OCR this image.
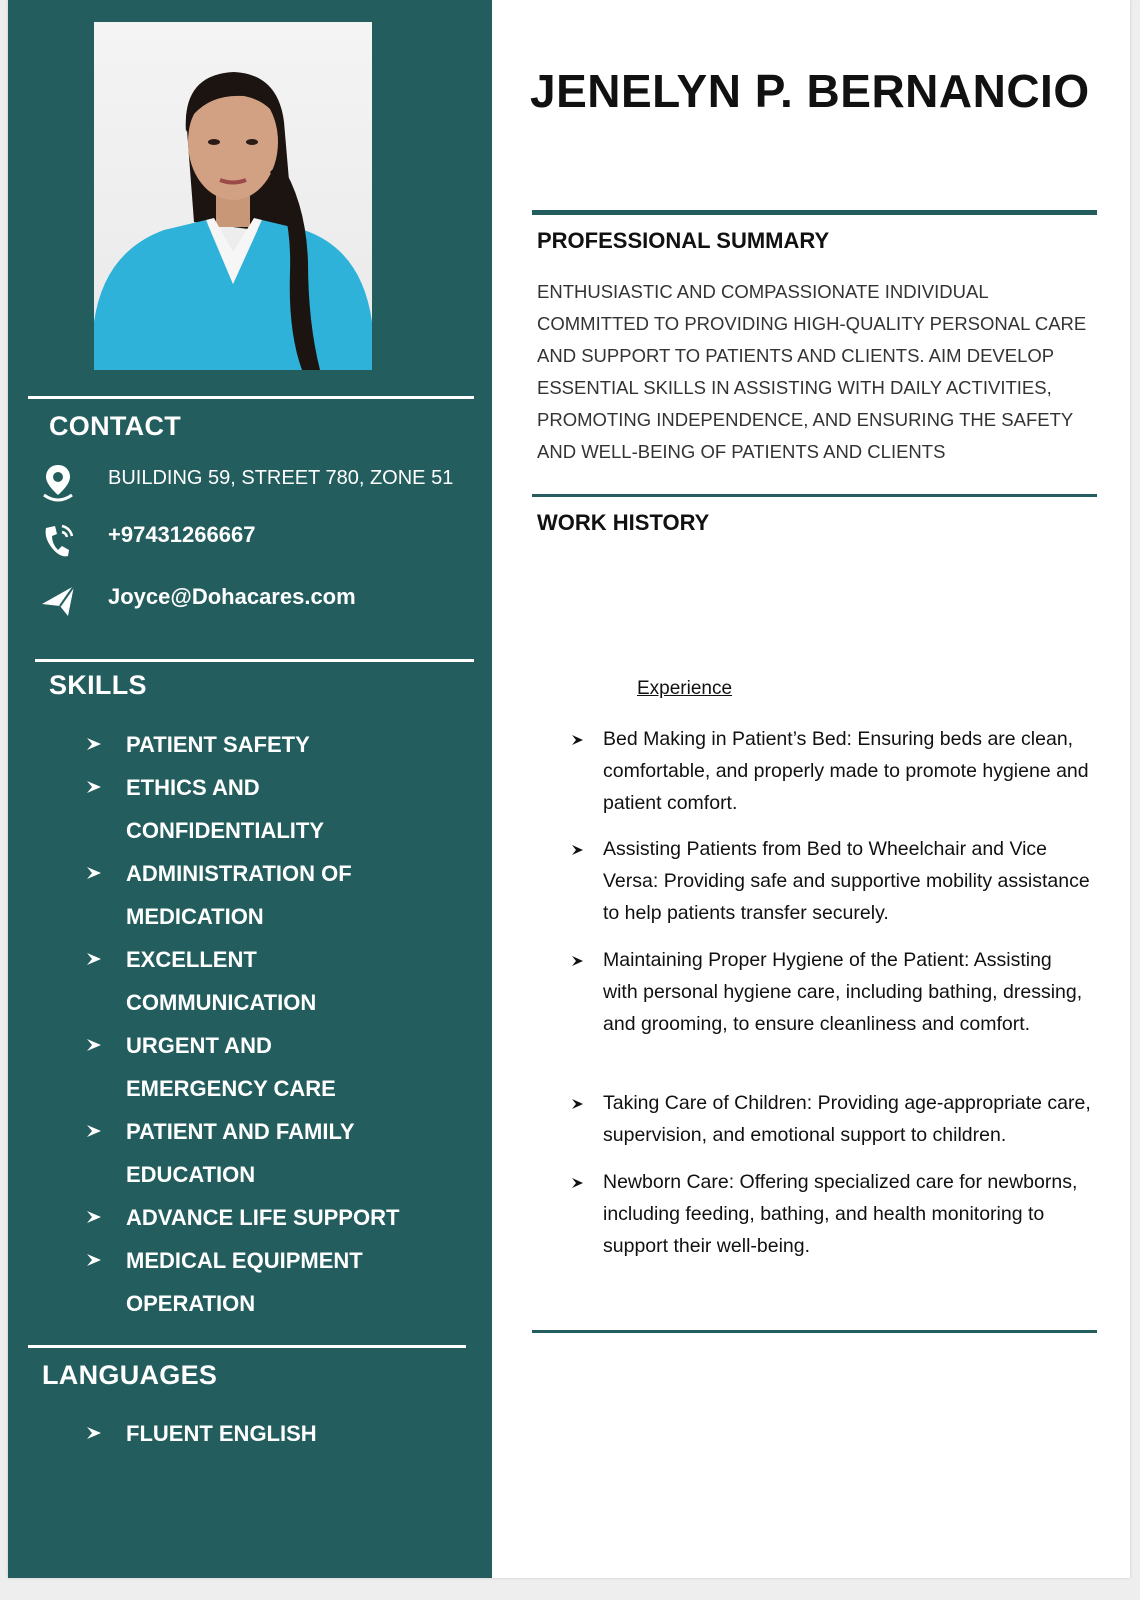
CONTACT
BUILDING 59, STREET 780, ZONE 51
+97431266667
Joyce@Dohacares.com
SKILLS
PATIENT SAFETY
ETHICS AND
CONFIDENTIALITY
ADMINISTRATION OF
MEDICATION
EXCELLENT
COMMUNICATION
URGENT AND
EMERGENCY CARE
PATIENT AND FAMILY
EDUCATION
ADVANCE LIFE SUPPORT
MEDICAL EQUIPMENT
OPERATION
LANGUAGES
FLUENT ENGLISH
JENELYN P. BERNANCIO
PROFESSIONAL SUMMARY
ENTHUSIASTIC AND COMPASSIONATE INDIVIDUAL COMMITTED TO PROVIDING HIGH-QUALITY PERSONAL CARE AND SUPPORT TO PATIENTS AND CLIENTS. AIM DEVELOP ESSENTIAL SKILLS IN ASSISTING WITH DAILY ACTIVITIES, PROMOTING INDEPENDENCE, AND ENSURING THE SAFETY AND WELL-BEING OF PATIENTS AND CLIENTS
WORK HISTORY
Experience
Bed Making in Patient’s Bed: Ensuring beds are clean, comfortable, and properly made to promote hygiene and patient comfort.
Assisting Patients from Bed to Wheelchair and Vice Versa: Providing safe and supportive mobility assistance to help patients transfer securely.
Maintaining Proper Hygiene of the Patient: Assisting with personal hygiene care, including bathing, dressing, and grooming, to ensure cleanliness and comfort.
Taking Care of Children: Providing age-appropriate care, supervision, and emotional support to children.
Newborn Care: Offering specialized care for newborns, including feeding, bathing, and health monitoring to support their well-being.
